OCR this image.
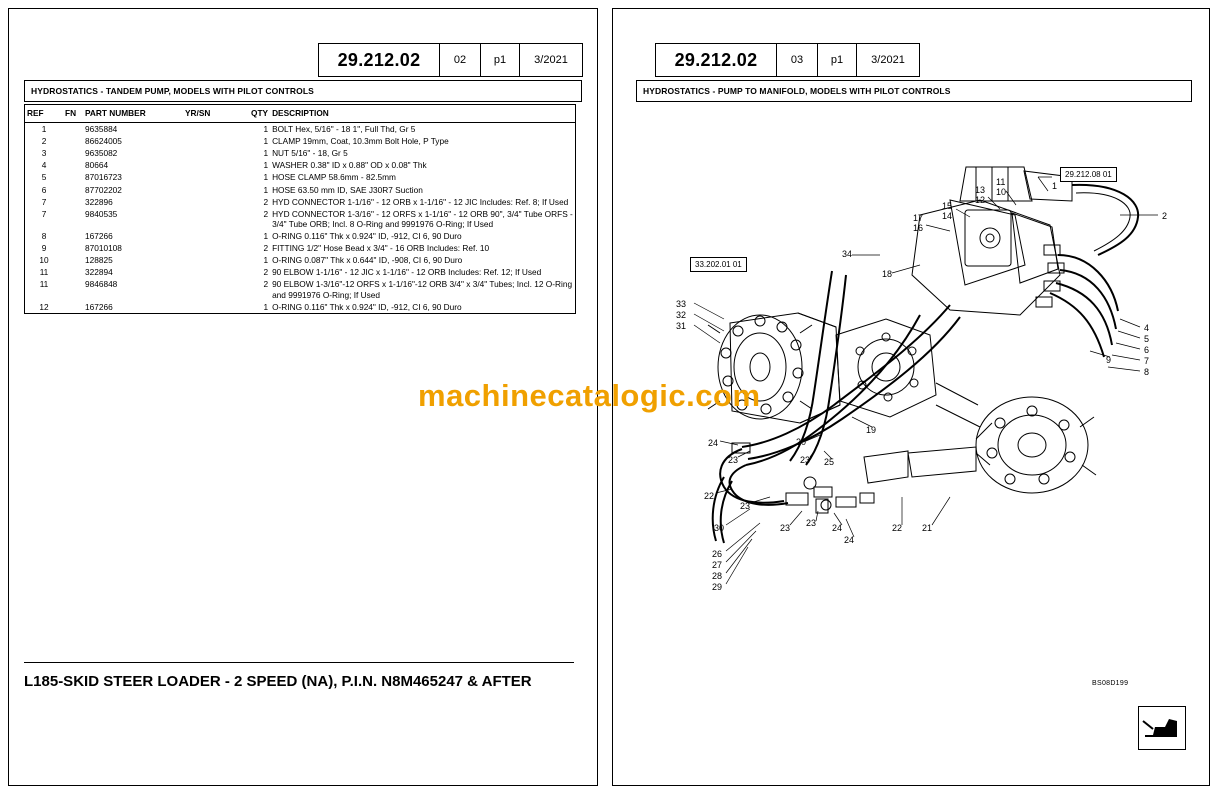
29.212.02	02	p1	3/2021
HYDROSTATICS - TANDEM PUMP, MODELS WITH PILOT CONTROLS
REF	FN	PART NUMBER	YR/SN	QTY	DESCRIPTION
1		9635884		1	BOLT Hex, 5/16" - 18 1", Full Thd, Gr 5
2		86624005		1	CLAMP 19mm, Coat, 10.3mm Bolt Hole, P Type
3		9635082		1	NUT 5/16" - 18, Gr 5
4		80664		1	WASHER 0.38" ID x 0.88" OD x 0.08" Thk
5		87016723		1	HOSE CLAMP 58.6mm - 82.5mm
6		87702202		1	HOSE 63.50 mm ID, SAE J30R7 Suction
7		322896		2	HYD CONNECTOR 1-1/16" - 12 ORB x 1-1/16" - 12 JIC Includes: Ref. 8; If Used
7		9840535		2	HYD CONNECTOR 1-3/16" - 12 ORFS x 1-1/16" - 12 ORB 90", 3/4" Tube ORFS - 3/4" Tube ORB; Incl. 8 O-Ring and 9991976 O-Ring; If Used
8		167266		1	O-RING 0.116" Thk x 0.924" ID, -912, CI 6, 90 Duro
9		87010108		2	FITTING 1/2" Hose Bead x 3/4" - 16 ORB Includes: Ref. 10
10		128825		1	O-RING 0.087" Thk x 0.644" ID, -908, CI 6, 90 Duro
11		322894		2	90 ELBOW 1-1/16" - 12 JIC x 1-1/16" - 12 ORB Includes: Ref. 12; If Used
11		9846848		2	90 ELBOW 1-3/16"-12 ORFS x 1-1/16"-12 ORB 3/4" x 3/4" Tubes; Incl. 12 O-Ring and 9991976 O-Ring; If Used
12		167266		1	O-RING 0.116" Thk x 0.924" ID, -912, CI 6, 90 Duro
L185-SKID STEER LOADER - 2 SPEED (NA), P.I.N. N8M465247 & AFTER
29.212.02	03	p1	3/2021
HYDROSTATICS - PUMP TO MANIFOLD, MODELS WITH PILOT CONTROLS
29.212.08 01
33.202.01 01
11
10
13
12
15
14
17
16
1
2
18
34
33
32
31	4
5
6
7
8
9
19
20
24
23	23 25
22
23
30	23 23 24
24
22 21
26
27
28
29
BS08D199
machinecatalogic.com
